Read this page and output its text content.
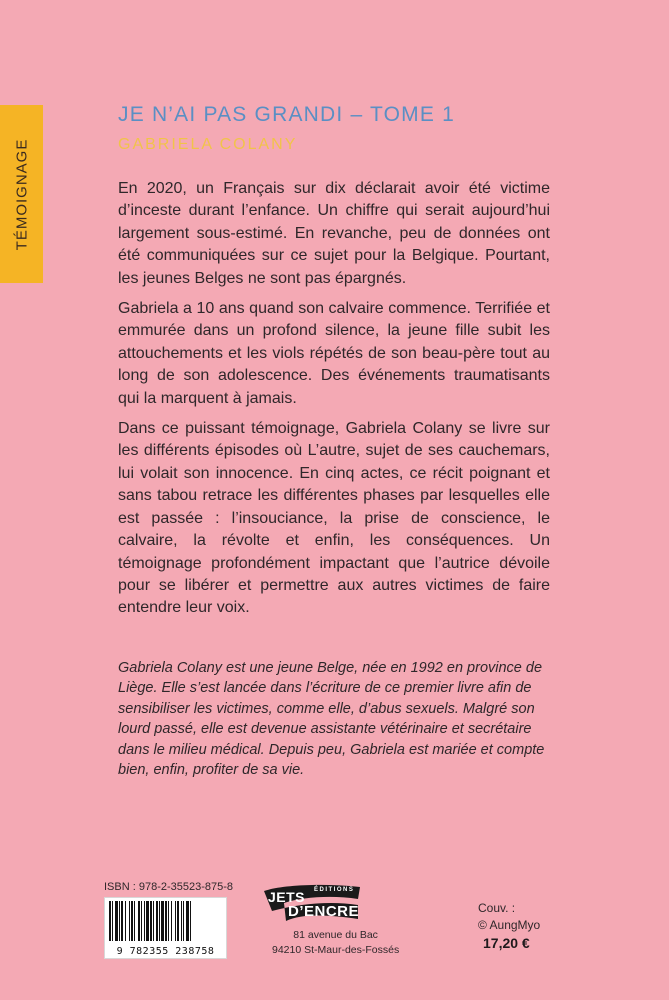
TÉMOIGNAGE
JE N’AI PAS GRANDI – TOME 1
GABRIELA COLANY

En 2020, un Français sur dix déclarait avoir été victime d’inceste durant l’enfance. Un chiffre qui serait aujourd’hui largement sous-estimé. En revanche, peu de données ont été communiquées sur ce sujet pour la Belgique. Pourtant, les jeunes Belges ne sont pas épargnés.

Gabriela a 10 ans quand son calvaire commence. Terrifiée et emmurée dans un profond silence, la jeune fille subit les attouchements et les viols répétés de son beau-père tout au long de son adolescence. Des événements traumatisants qui la marquent à jamais.

Dans ce puissant témoignage, Gabriela Colany se livre sur les différents épisodes où L’autre, sujet de ses cauchemars, lui volait son innocence. En cinq actes, ce récit poignant et sans tabou retrace les différentes phases par lesquelles elle est passée : l’insouciance, la prise de conscience, le calvaire, la révolte et enfin, les conséquences. Un témoignage profondément impactant que l’autrice dévoile pour se libérer et permettre aux autres victimes de faire entendre leur voix.

Gabriela Colany est une jeune Belge, née en 1992 en province de Liège. Elle s’est lancée dans l’écriture de ce premier livre afin de sensibiliser les victimes, comme elle, d’abus sexuels. Malgré son lourd passé, elle est devenue assistante vétérinaire et secrétaire dans le milieu médical. Depuis peu, Gabriela est mariée et compte bien, enfin, profiter de sa vie.
ISBN : 978-2-35523-875-8
9 782355 238758
JETS ÉDITIONS
D’ENCRE
81 avenue du Bac
94210 St-Maur-des-Fossés
Couv. :
© AungMyo
17,20 €
